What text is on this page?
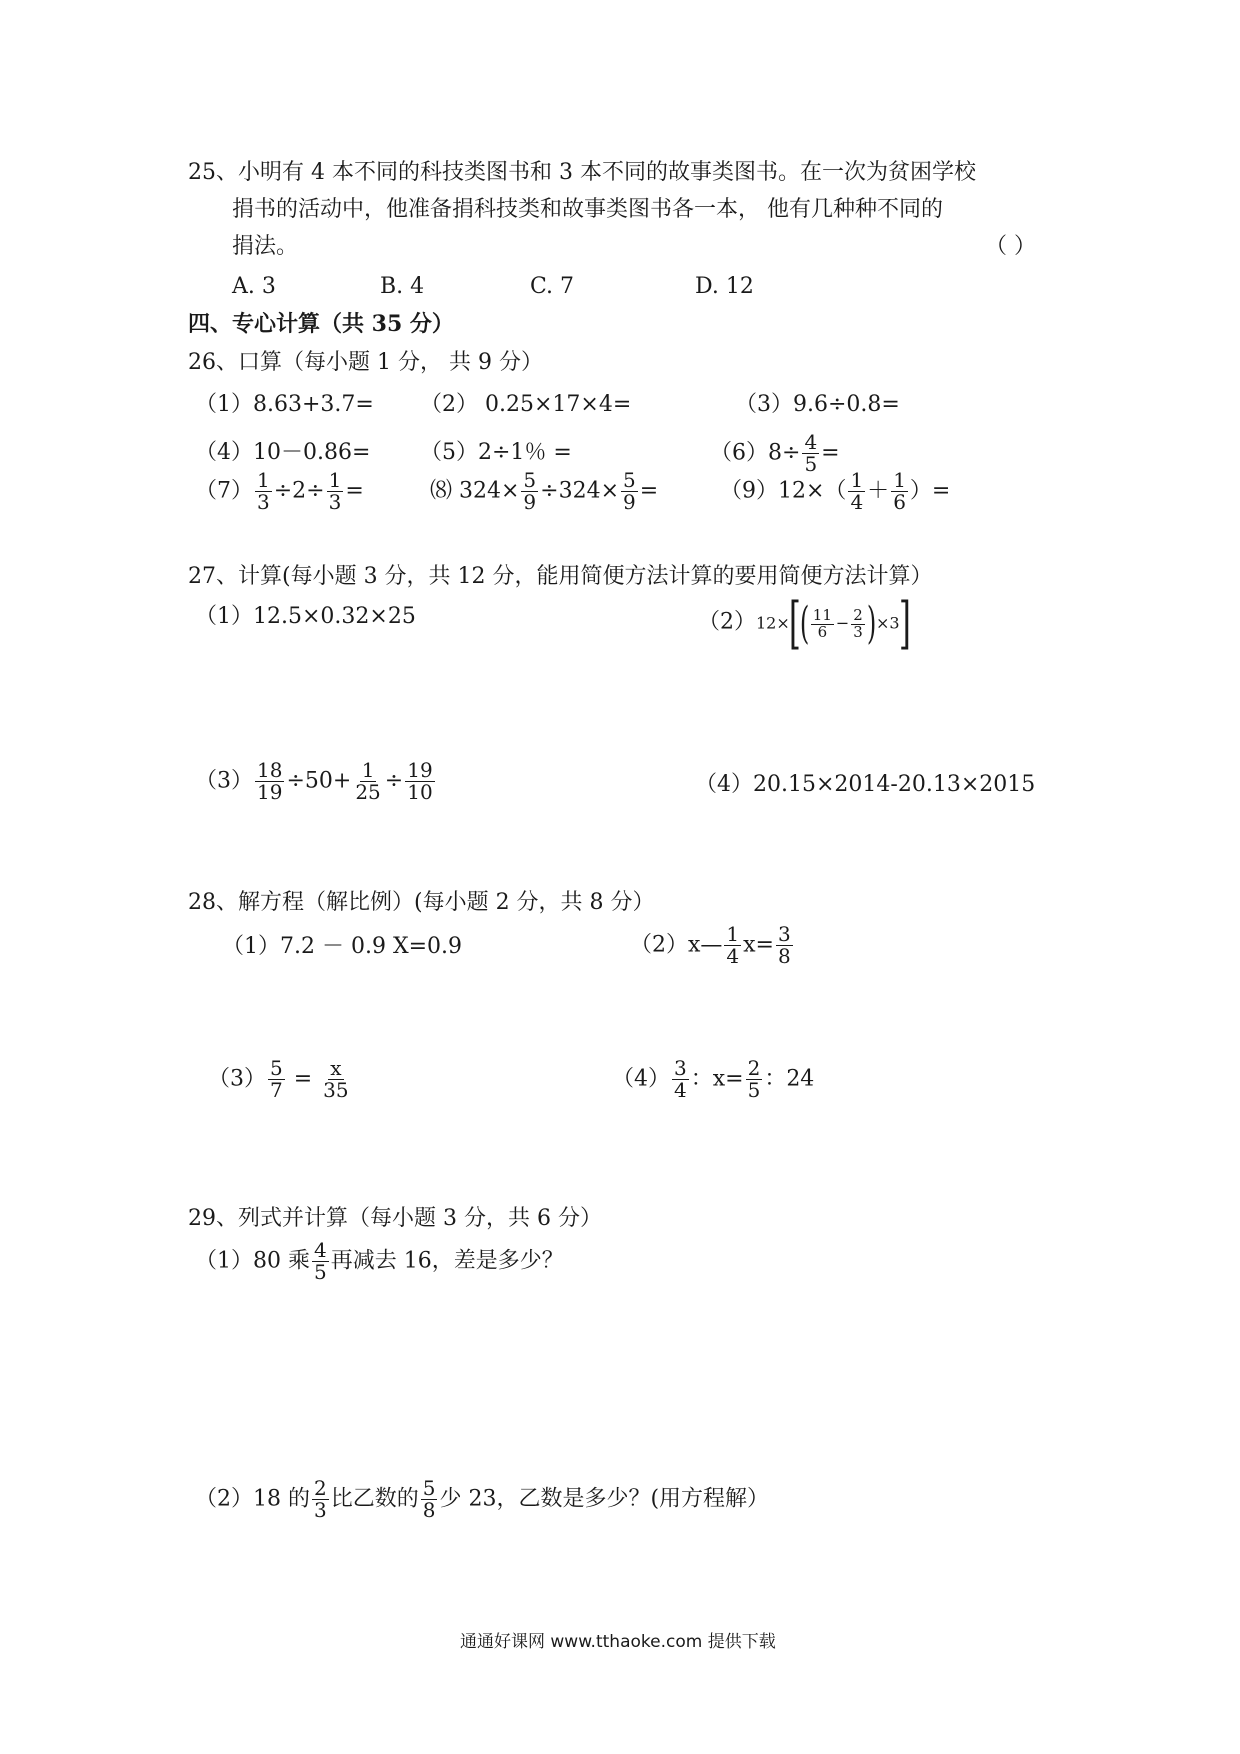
25、小明有 4 本不同的科技类图书和 3 本不同的故事类图书。在一次为贫困学校
捐书的活动中，他准备捐科技类和故事类图书各一本， 他有几种种不同的
捐法。	（ ）
A. 3	B. 4	C. 7	D. 12
四、专心计算（共 35 分）
26、口算（每小题 1 分， 共 9 分）
（1）8.63+3.7= （2） 0.25×17×4=	（3）9.6÷0.8=
（4）10－0.86= （5）2÷1％ =	$(6)8\div \frac{4}{5}$ =
$(7) \frac{1}{3} \div 2\div \frac{1}{3}$ =	⑻ $324\times \frac{5}{9} \div 324\times \frac{5}{9}$ =	$(9)12\times( \frac{1}{4} + \frac{1}{6}$ ）=
27、计算(每小题 3 分，共 12 分，能用简便方法计算的要用简便方法计算）
（1）12.5×0.32×25	$(2)12\times[( \frac{11}{6} - \frac{2}{3} )\times 3]$
$(3) \frac{18}{19} \div 50+ \frac{1}{25} \div \frac{19}{10}$	（4）20.15×2014-20.13×2015
28、解方程（解比例）(每小题 2 分，共 8 分）
（1）7.2 － 0.9 X=0.9	（2）x— $\frac{1}{4} x= \frac{3}{8}$
$(3) \frac{5}{7} = \frac{x}{35}$	$(4) \frac{3}{4}$ ：$x= \frac{2}{5}$ ：24
29、列式并计算（每小题 3 分，共 6 分）
（1）80 乘 $\frac{4}{5}$ 再减去 16，差是多少？
（2）18 的 $\frac{2}{3}$ 比乙数的 $\frac{5}{8}$ 少 23，乙数是多少？(用方程解）
通通好课网 www.tthaoke.com 提供下载
